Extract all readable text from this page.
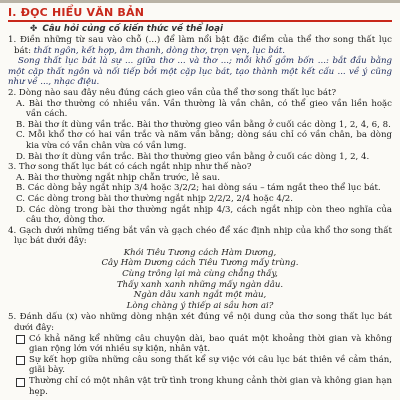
I. ĐỌC HIỂU VĂN BẢN
✤ Câu hỏi củng cố kiến thức về thể loại

1. Điền những từ sau vào chỗ (...) để làm nổi bật đặc điểm của thể thơ song thất lục bát: thất ngôn, kết hợp, âm thanh, dòng thơ, trọn vẹn, lục bát.

Song thất lục bát là sự ... giữa thơ ... và thơ ...; mỗi khổ gồm bốn ...: bắt đầu bằng một cặp thất ngôn và nối tiếp bởi một cặp lục bát, tạo thành một kết cấu ... về ý cũng như về ..., nhạc điệu.

2. Dòng nào sau đây nêu đúng cách gieo vần của thể thơ song thất lục bát?

A. Bài thơ thường có nhiều vần. Vần thường là vần chân, có thể gieo vần liền hoặc vần cách.

B. Bài thơ ít dùng vần trắc. Bài thơ thường gieo vần bằng ở cuối các dòng 1, 2, 4, 6, 8.

C. Mỗi khổ thơ có hai vần trắc và năm vần bằng; dòng sáu chỉ có vần chân, ba dòng kia vừa có vần chân vừa có vần lưng.

D. Bài thơ ít dùng vần trắc. Bài thơ thường gieo vần bằng ở cuối các dòng 1, 2, 4.

3. Thơ song thất lục bát có cách ngắt nhịp như thế nào?

A. Bài thơ thường ngắt nhịp chẵn trước, lẻ sau.

B. Các dòng bảy ngắt nhịp 3/4 hoặc 3/2/2; hai dòng sáu – tám ngắt theo thể lục bát.

C. Các dòng trong bài thơ thường ngắt nhịp 2/2/2, 2/4 hoặc 4/2.

D. Các dòng trong bài thơ thường ngắt nhịp 4/3, cách ngắt nhịp còn theo nghĩa của câu thơ, dòng thơ.

4. Gạch dưới những tiếng bắt vần và gạch chéo để xác định nhịp của khổ thơ song thất lục bát dưới đây:

Khói Tiêu Tương cách Hàm Dương,
Cây Hàm Dương cách Tiêu Tương mấy trùng.
Cùng trông lại mà cùng chẳng thấy,
Thấy xanh xanh những mấy ngàn dâu.
Ngàn dâu xanh ngắt một màu,
Lòng chàng ý thiếp ai sầu hơn ai?

5. Đánh dấu (x) vào những dòng nhận xét đúng về nội dung của thơ song thất lục bát dưới đây:

Có khả năng kể những câu chuyện dài, bao quát một khoảng thời gian và không gian rộng lớn với nhiều sự kiện, nhân vật.

Sự kết hợp giữa những câu song thất kể sự việc với câu lục bát thiên về cảm thán, giãi bày.

Thường chỉ có một nhân vật trữ tình trong khung cảnh thời gian và không gian hạn hẹp.
